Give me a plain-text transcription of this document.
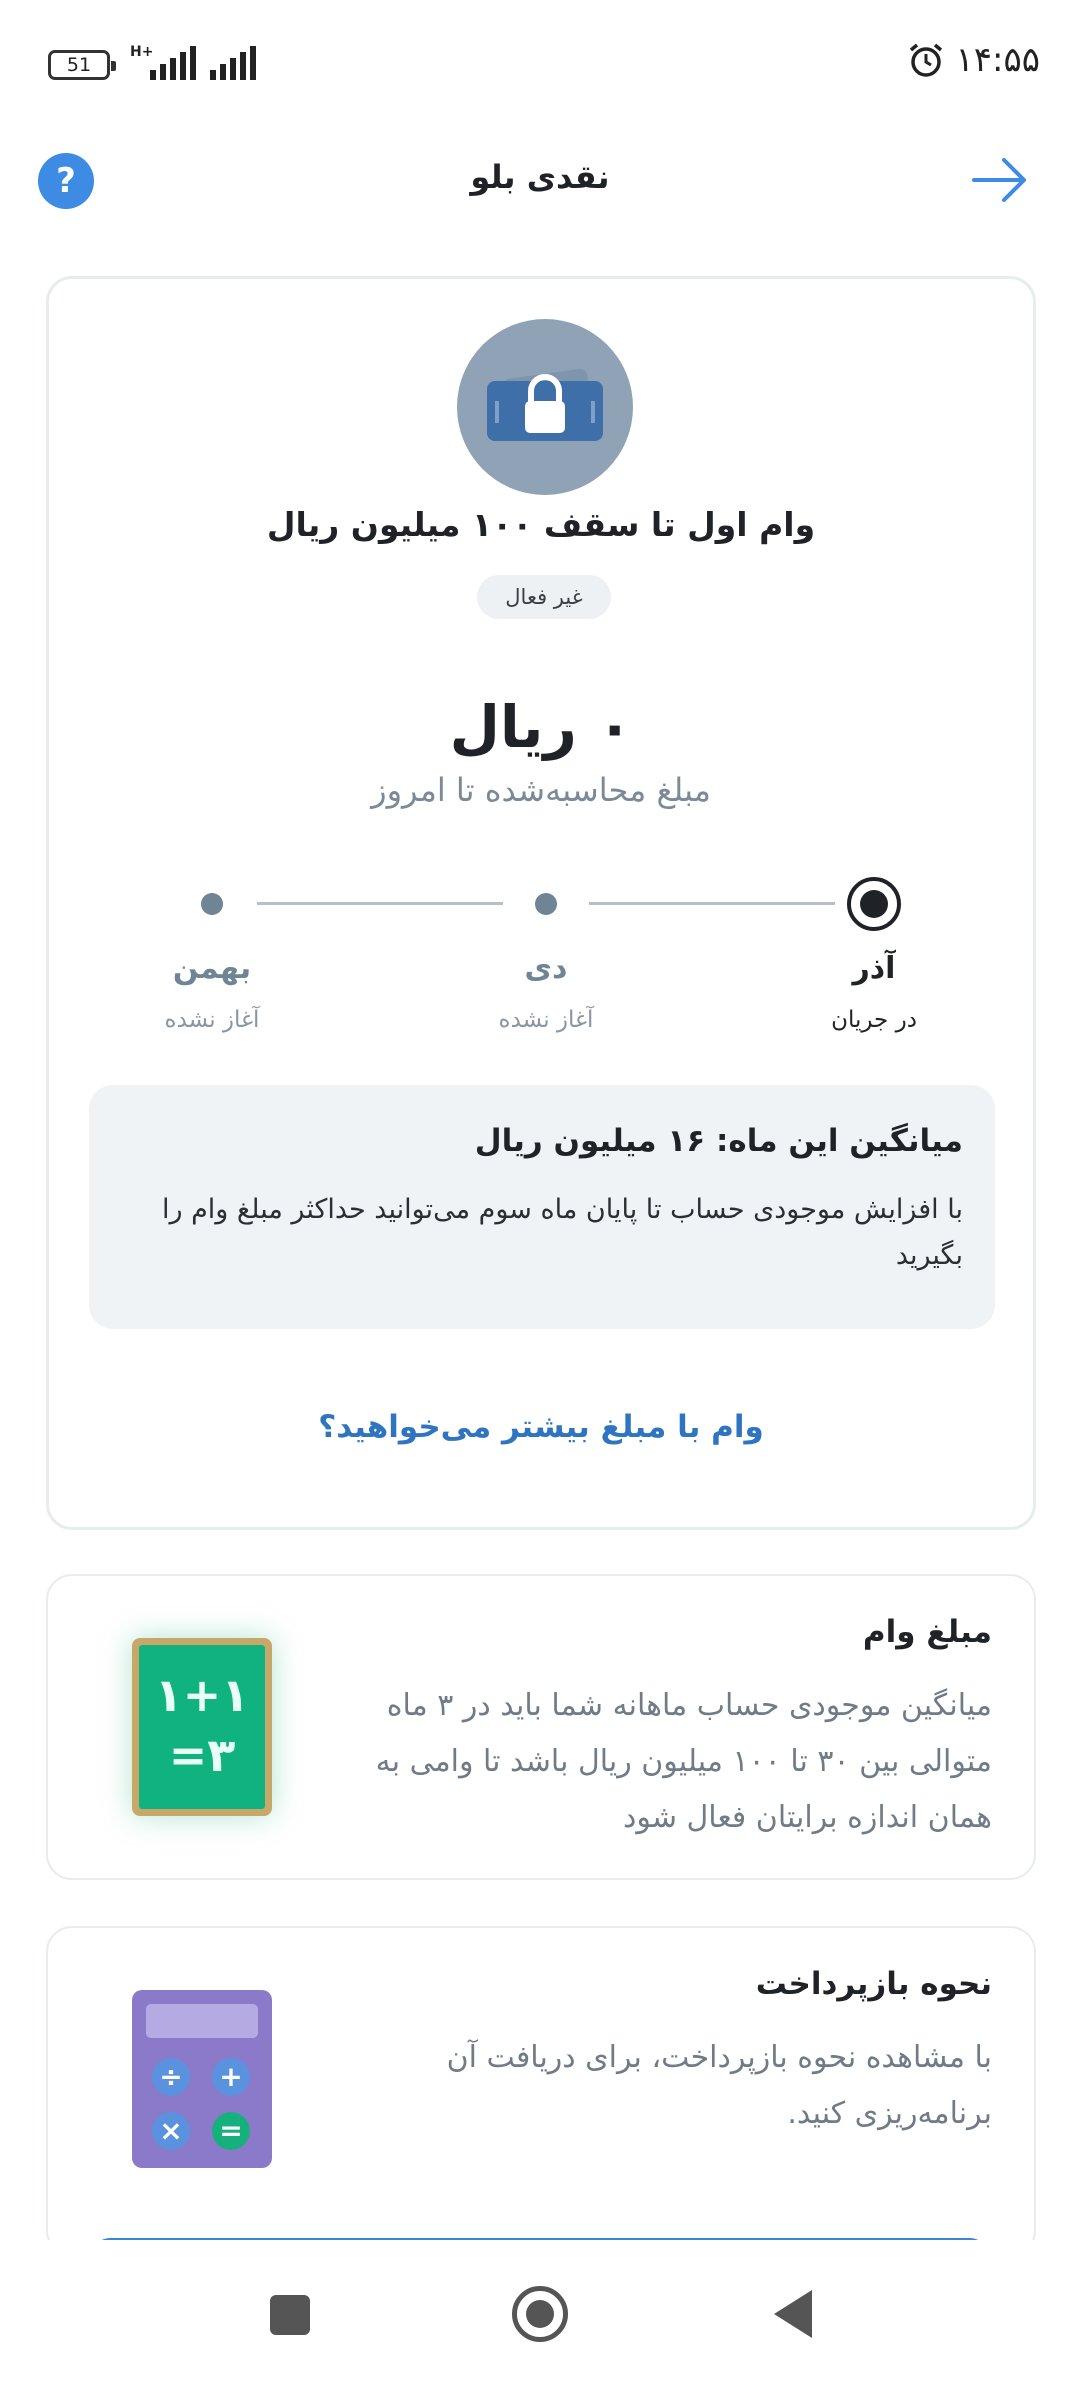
51
H+	۱۴:۵۵
?	نقدی بلو
وام اول تا سقف ۱۰۰ میلیون ریال
غیر فعال
۰ ریال
مبلغ محاسبه‌شده تا امروز
آذر
در جریان
دی
آغاز نشده
بهمن
آغاز نشده
میانگین این ماه: ۱۶ میلیون ریال
با افزایش موجودی حساب تا پایان ماه سوم می‌توانید حداکثر مبلغ وام را بگیرید
وام با مبلغ بیشتر می‌خواهید؟
مبلغ وام
میانگین موجودی حساب ماهانه شما باید در ۳ ماه متوالی بین ۳۰ تا ۱۰۰ میلیون ریال باشد تا وامی به همان اندازه برایتان فعال شود
۱+۱
=۳
نحوه بازپرداخت
با مشاهده نحوه بازپرداخت، برای دریافت آن برنامه‌ریزی کنید.
÷ +
× =
